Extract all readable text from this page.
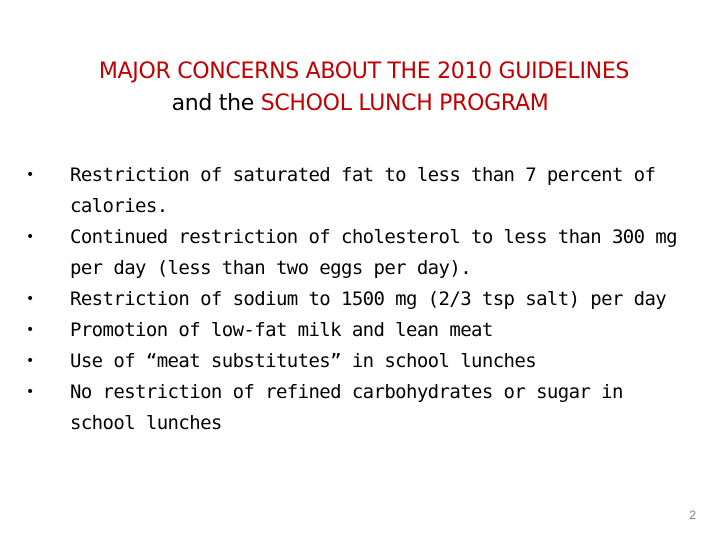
MAJOR CONCERNS ABOUT THE 2010 GUIDELINES
and the SCHOOL LUNCH PROGRAM
• Restriction of saturated fat to less than 7 percent of calories.
• Continued restriction of cholesterol to less than 300 mg per day (less than two eggs per day).
• Restriction of sodium to 1500 mg (2/3 tsp salt) per day
• Promotion of low-fat milk and lean meat
• Use of “meat substitutes” in school lunches
• No restriction of refined carbohydrates or sugar in school lunches
2
